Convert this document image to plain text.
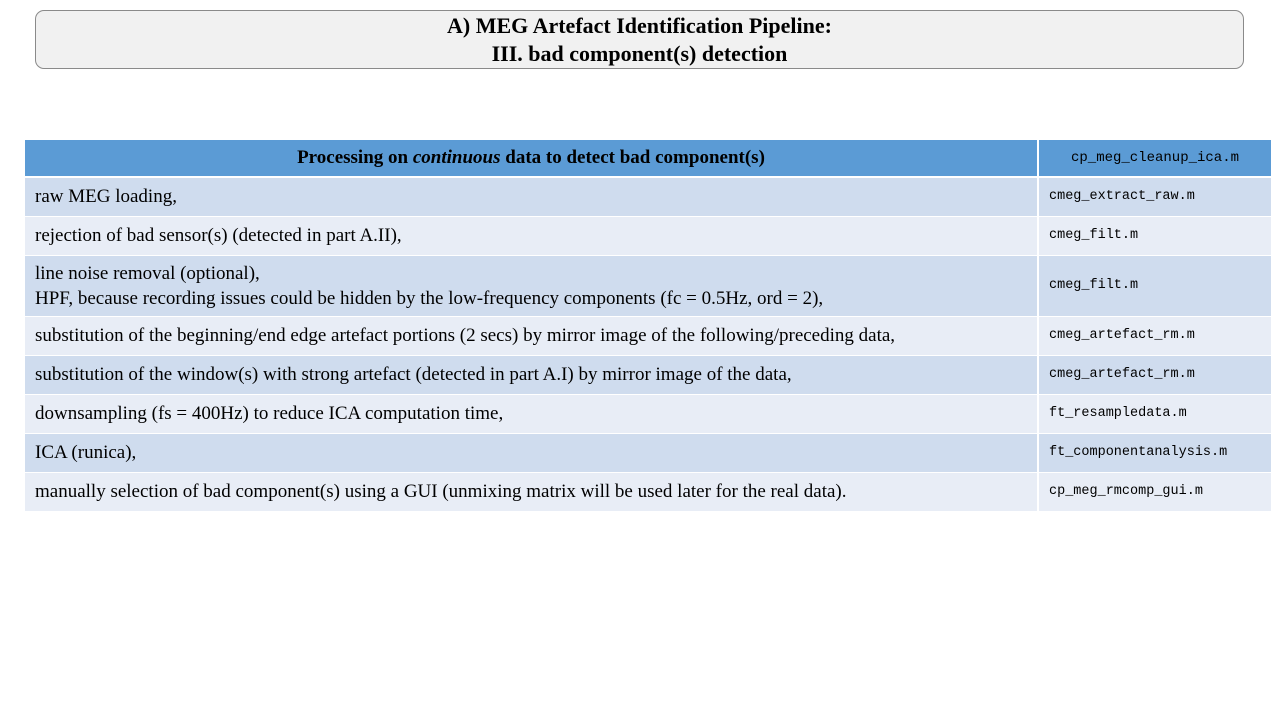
A) MEG Artefact Identification Pipeline:
III. bad component(s) detection
Processing on continuous data to detect bad component(s)	cp_meg_cleanup_ica.m

raw MEG loading,	cmeg_extract_raw.m

rejection of bad sensor(s) (detected in part A.II),	cmeg_filt.m

line noise removal (optional),
HPF, because recording issues could be hidden by the low-frequency components (fc = 0.5Hz, ord = 2),	cmeg_filt.m

substitution of the beginning/end edge artefact portions (2 secs) by mirror image of the following/preceding data,	cmeg_artefact_rm.m

substitution of the window(s) with strong artefact (detected in part A.I) by mirror image of the data,	cmeg_artefact_rm.m

downsampling (fs = 400Hz) to reduce ICA computation time,	ft_resampledata.m

ICA (runica),	ft_componentanalysis.m

manually selection of bad component(s) using a GUI (unmixing matrix will be used later for the real data).	cp_meg_rmcomp_gui.m
